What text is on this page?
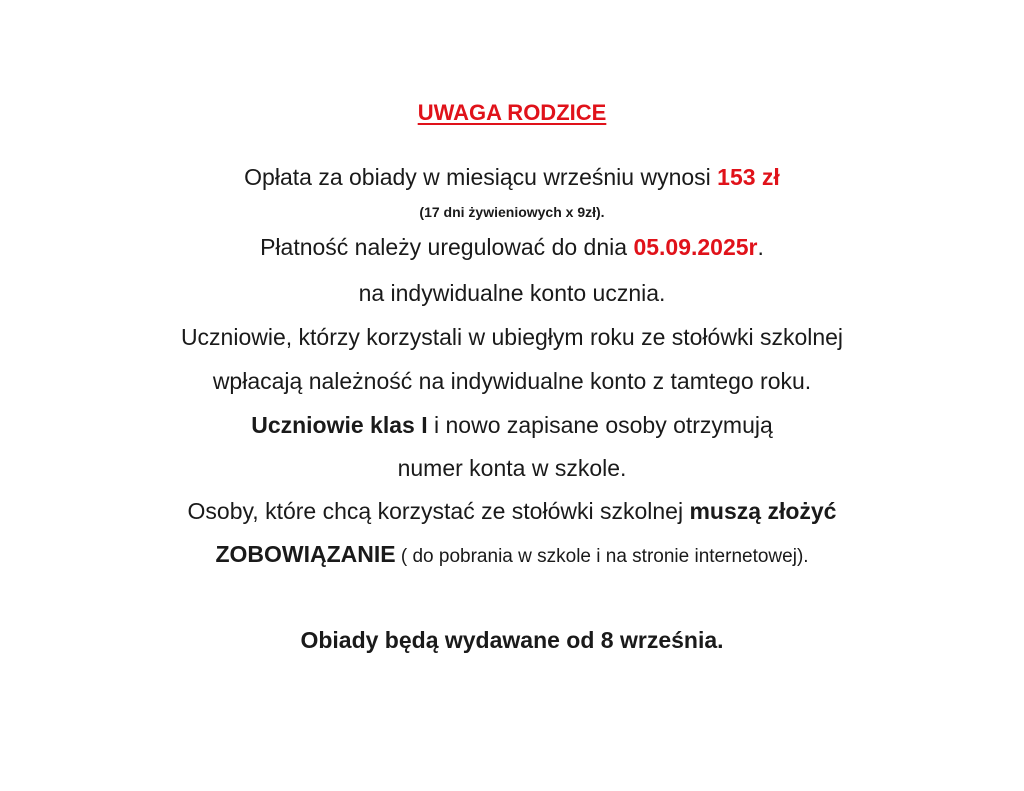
UWAGA RODZICE
Opłata za obiady w miesiącu wrześniu wynosi 153 zł
(17 dni żywieniowych x 9zł).
Płatność należy uregulować do dnia 05.09.2025r.
na indywidualne konto ucznia.
Uczniowie, którzy korzystali w ubiegłym roku ze stołówki szkolnej
wpłacają należność na indywidualne konto z tamtego roku.
Uczniowie klas I i nowo zapisane osoby otrzymują
numer konta w szkole.
Osoby, które chcą korzystać ze stołówki szkolnej muszą złożyć
ZOBOWIĄZANIE ( do pobrania w szkole i na stronie internetowej).
Obiady będą wydawane od 8 września.
